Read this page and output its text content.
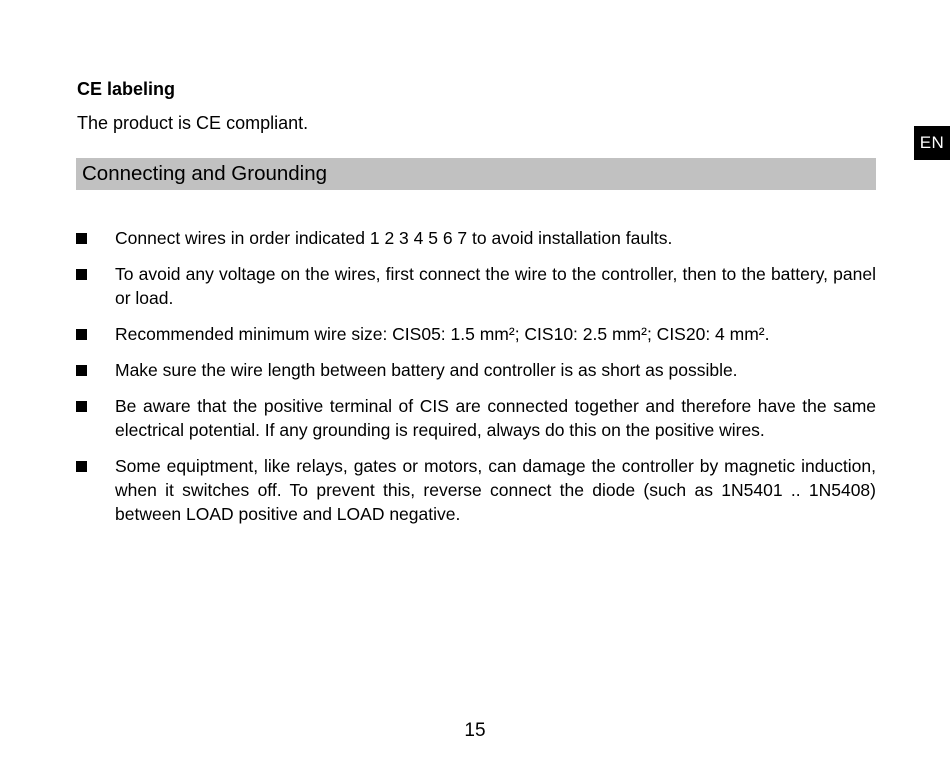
EN
CE labeling
The product is CE compliant.
Connecting and Grounding
Connect wires in order indicated 1 2 3 4 5 6 7 to avoid installation faults.
To avoid any voltage on the wires, first connect the wire to the controller, then to the battery, panel or load.
Recommended minimum wire size: CIS05: 1.5 mm²; CIS10: 2.5 mm²; CIS20: 4 mm².
Make sure the wire length between battery and controller is as short as possible.
Be aware that the positive terminal of CIS are connected together and therefore have the same electrical potential. If any grounding is required, always do this on the positive wires.
Some equiptment, like relays, gates or motors, can damage the controller by magnetic induction, when it switches off. To prevent this, reverse connect the diode (such as 1N5401 .. 1N5408) between LOAD positive and LOAD negative.
15
